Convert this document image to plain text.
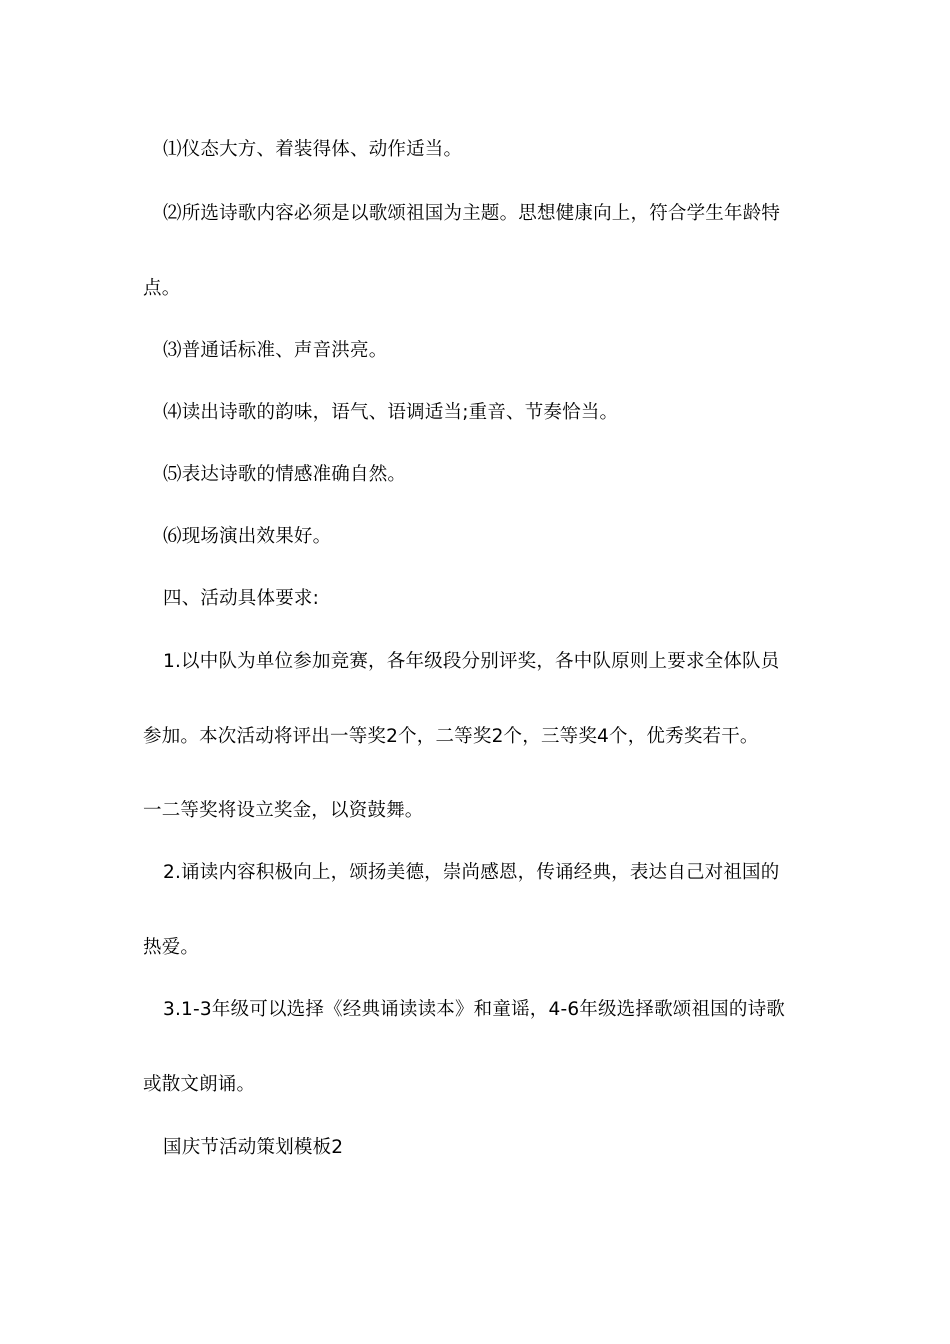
⑴仪态大方、着装得体、动作适当。
⑵所选诗歌内容必须是以歌颂祖国为主题。思想健康向上，符合学生年龄特
点。
⑶普通话标准、声音洪亮。
⑷读出诗歌的韵味，语气、语调适当;重音、节奏恰当。
⑸表达诗歌的情感准确自然。
⑹现场演出效果好。
四、活动具体要求:
1.以中队为单位参加竞赛，各年级段分别评奖，各中队原则上要求全体队员
参加。本次活动将评出一等奖2个，二等奖2个，三等奖4个，优秀奖若干。
一二等奖将设立奖金，以资鼓舞。
2.诵读内容积极向上，颂扬美德，崇尚感恩，传诵经典，表达自己对祖国的
热爱。
3.1-3年级可以选择《经典诵读读本》和童谣，4-6年级选择歌颂祖国的诗歌
或散文朗诵。
国庆节活动策划模板2
